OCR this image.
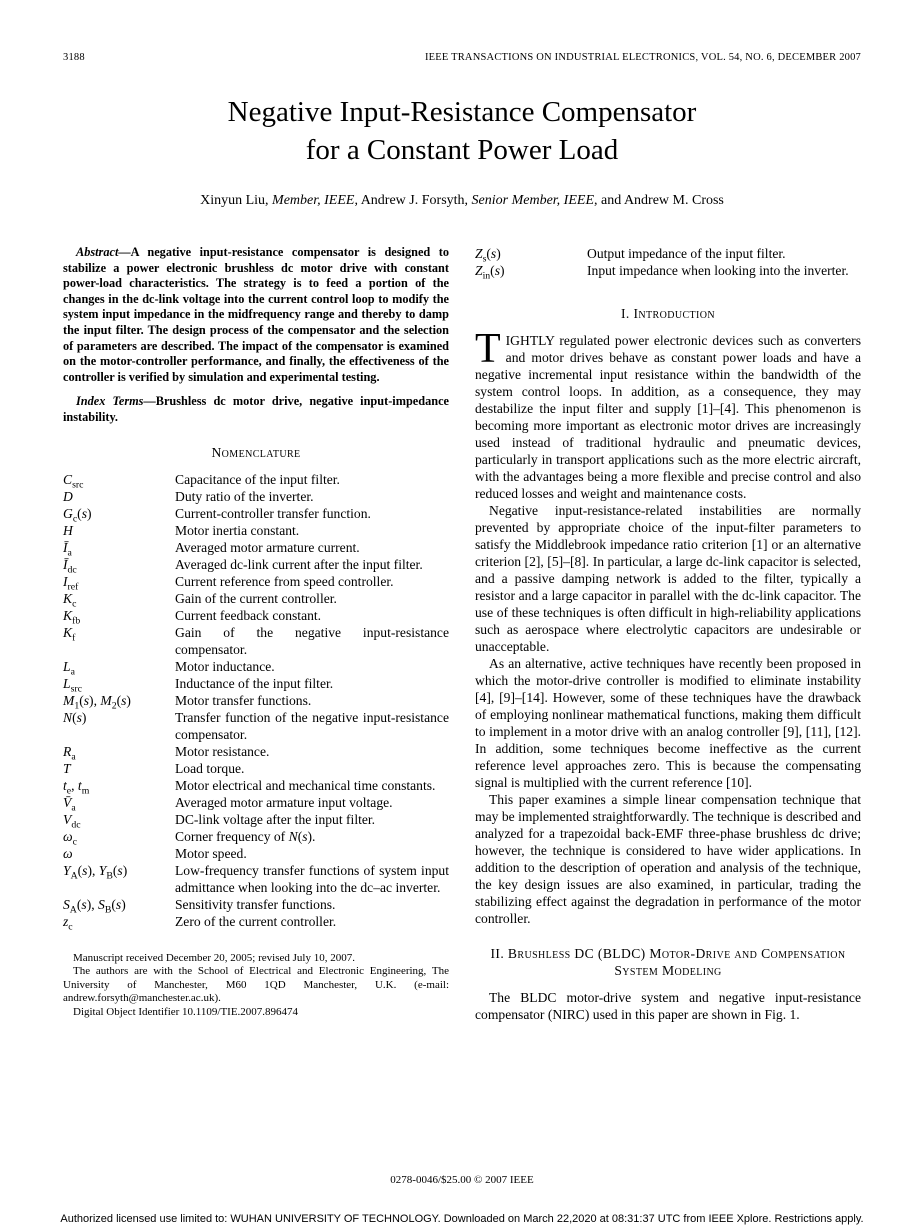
3188	IEEE TRANSACTIONS ON INDUSTRIAL ELECTRONICS, VOL. 54, NO. 6, DECEMBER 2007
Negative Input-Resistance Compensator
for a Constant Power Load
Xinyun Liu, Member, IEEE, Andrew J. Forsyth, Senior Member, IEEE, and Andrew M. Cross

Abstract—A negative input-resistance compensator is designed to stabilize a power electronic brushless dc motor drive with constant power-load characteristics. The strategy is to feed a portion of the changes in the dc-link voltage into the current control loop to modify the system input impedance in the midfrequency range and thereby to damp the input filter. The design process of the compensator and the selection of parameters are described. The impact of the compensator is examined on the motor-controller performance, and finally, the effectiveness of the controller is verified by simulation and experimental testing.

Index Terms—Brushless dc motor drive, negative input-impedance instability.

Nomenclature
$C_{src}$	Capacitance of the input filter.
D	Duty ratio of the inverter.
$G_c(s)$	Current-controller transfer function.
H	Motor inertia constant.
$Ī_a$	Averaged motor armature current.
$Ī_{dc}$	Averaged dc-link current after the input filter.
$I_{ref}$	Current reference from speed controller.
$K_c$	Gain of the current controller.
$K_{fb}$	Current feedback constant.
$K_f$	Gain of the negative input-resistance compensator.
$L_a$	Motor inductance.
$L_{src}$	Inductance of the input filter.
$M_1(s)$, $M_2(s)$	Motor transfer functions.
N(s)	Transfer function of the negative input-resistance compensator.
$R_a$	Motor resistance.
T	Load torque.
$t_e$, $t_m$	Motor electrical and mechanical time constants.
$V̄_a$	Averaged motor armature input voltage.
$V_{dc}$	DC-link voltage after the input filter.
$\omega_c$	Corner frequency of N(s).
ω	Motor speed.
$Y_A(s)$, $Y_B(s)$	Low-frequency transfer functions of system input admittance when looking into the dc–ac inverter.
$S_A(s)$, $S_B(s)$	Sensitivity transfer functions.
$z_c$	Zero of the current controller.

Manuscript received December 20, 2005; revised July 10, 2007.

The authors are with the School of Electrical and Electronic Engineering, The University of Manchester, M60 1QD Manchester, U.K. (e-mail: andrew.forsyth@manchester.ac.uk).

Digital Object Identifier 10.1109/TIE.2007.896474

$Z_s(s)$	Output impedance of the input filter.
$Z_{in}(s)$	Input impedance when looking into the inverter.
I. Introduction

TIGHTLY regulated power electronic devices such as converters and motor drives behave as constant power loads and have a negative incremental input resistance within the bandwidth of the system control loops. In addition, as a consequence, they may destabilize the input filter and supply [1]–[4]. This phenomenon is becoming more important as electronic motor drives are increasingly used instead of traditional hydraulic and pneumatic devices, particularly in transport applications such as the more electric aircraft, with the advantages being a more flexible and precise control and also reduced losses and weight and maintenance costs.

Negative input-resistance-related instabilities are normally prevented by appropriate choice of the input-filter parameters to satisfy the Middlebrook impedance ratio criterion [1] or an alternative criterion [2], [5]–[8]. In particular, a large dc-link capacitor is selected, and a passive damping network is added to the filter, typically a resistor and a large capacitor in parallel with the dc-link capacitor. The use of these techniques is often difficult in high-reliability applications such as aerospace where electrolytic capacitors are undesirable or unacceptable.

As an alternative, active techniques have recently been proposed in which the motor-drive controller is modified to eliminate instability [4], [9]–[14]. However, some of these techniques have the drawback of employing nonlinear mathematical functions, making them difficult to implement in a motor drive with an analog controller [9], [11], [12]. In addition, some techniques become ineffective as the current reference level approaches zero. This is because the compensating signal is multiplied with the current reference [10].

This paper examines a simple linear compensation technique that may be implemented straightforwardly. The technique is described and analyzed for a trapezoidal back-EMF three-phase brushless dc drive; however, the technique is considered to have wider applications. In addition to the description of operation and analysis of the technique, the key design issues are also examined, in particular, trading the stabilizing effect against the degradation in performance of the motor controller.

II. Brushless DC (BLDC) Motor-Drive and Compensation System Modeling

The BLDC motor-drive system and negative input-resistance compensator (NIRC) used in this paper are shown in Fig. 1.

0278-0046/$25.00 © 2007 IEEE
Authorized licensed use limited to: WUHAN UNIVERSITY OF TECHNOLOGY. Downloaded on March 22,2020 at 08:31:37 UTC from IEEE Xplore. Restrictions apply.
